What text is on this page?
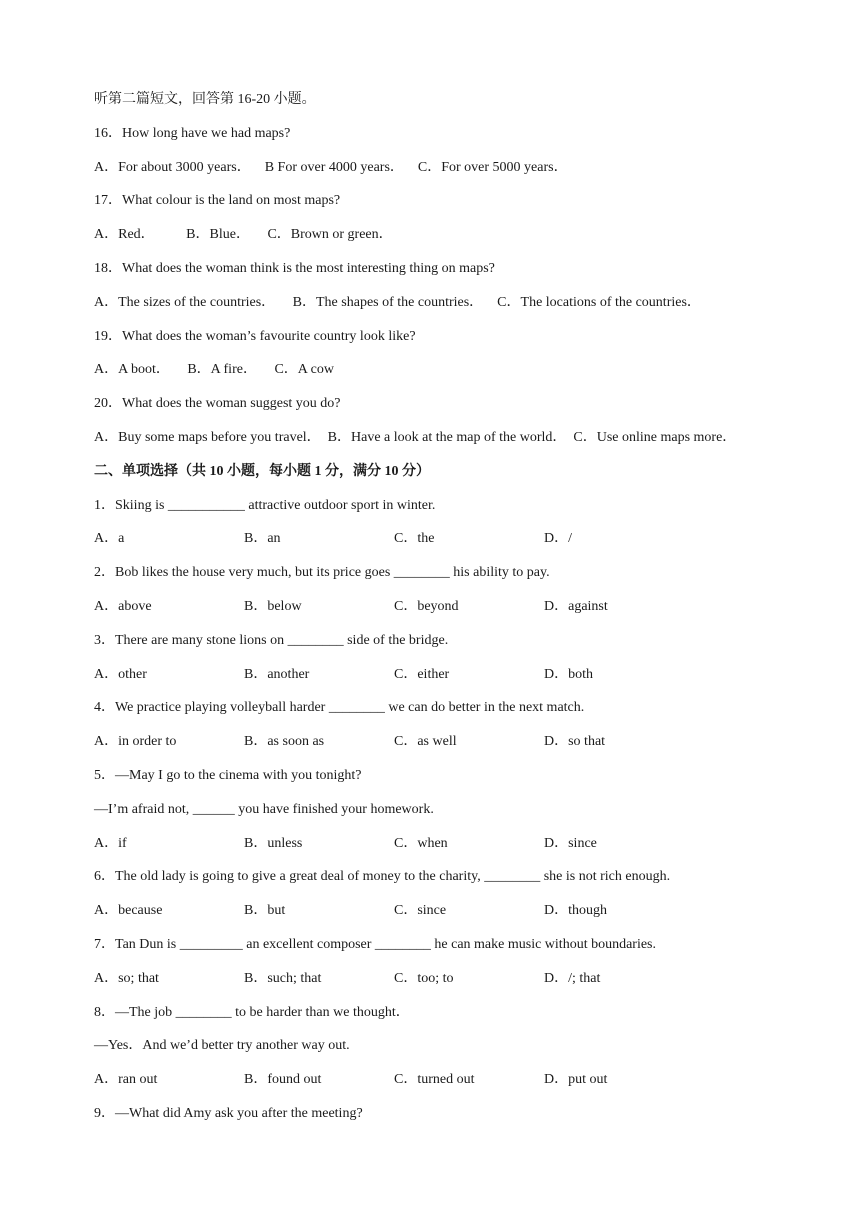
听第二篇短文，回答第 16-20 小题。
16．How long have we had maps?
A．For about 3000 years．    B For over 4000 years．    C．For over 5000 years．
17．What colour is the land on most maps?
A．Red．         B．Blue．     C．Brown or green．
18．What does the woman think is the most interesting thing on maps?
A．The sizes of the countries．     B．The shapes of the countries．    C．The locations of the countries．
19．What does the woman’s favourite country look like?
A．A boot．     B．A fire．     C．A cow
20．What does the woman suggest you do?
A．Buy some maps before you travel．  B．Have a look at the map of the world．  C．Use online maps more．
二、单项选择（共 10 小题，每小题 1 分，满分 10 分）
1．Skiing is ___________ attractive outdoor sport in winter.
A．a	B．an	C．the	D．/
2．Bob likes the house very much, but its price goes ________ his ability to pay.
A．above	B．below	C．beyond	D．against
3．There are many stone lions on ________ side of the bridge.
A．other	B．another	C．either	D．both
4．We practice playing volleyball harder ________ we can do better in the next match.
A．in order to	B．as soon as	C．as well	D．so that
5．—May I go to the cinema with you tonight?
—I’m afraid not, ______ you have finished your homework.
A．if	B．unless	C．when	D．since
6．The old lady is going to give a great deal of money to the charity, ________ she is not rich enough.
A．because	B．but	C．since	D．though
7．Tan Dun is _________ an excellent composer ________ he can make music without boundaries.
A．so; that	B．such; that	C．too; to	D．/; that
8．—The job ________ to be harder than we thought．
—Yes．And we’d better try another way out.
A．ran out	B．found out	C．turned out	D．put out
9．—What did Amy ask you after the meeting?
